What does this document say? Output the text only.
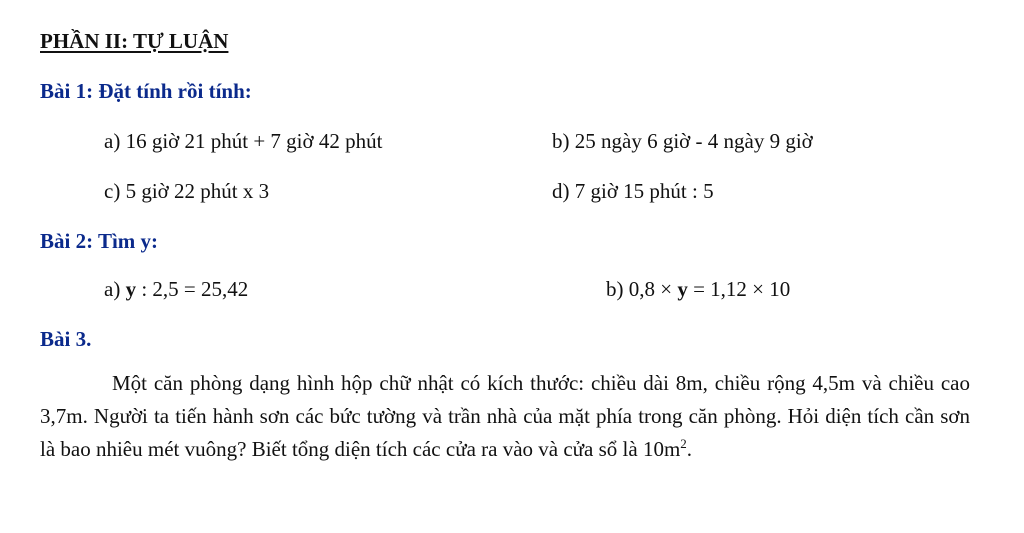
PHẦN II: TỰ LUẬN
Bài 1: Đặt tính rồi tính:
a) 16 giờ 21 phút + 7 giờ 42 phút	b) 25 ngày 6 giờ - 4 ngày 9 giờ
c) 5 giờ 22 phút x 3	d) 7 giờ 15 phút : 5
Bài 2: Tìm y:
a) y : 2,5 = 25,42	b) 0,8 × y = 1,12 × 10
Bài 3.
Một căn phòng dạng hình hộp chữ nhật có kích thước: chiều dài 8m, chiều rộng 4,5m và chiều cao 3,7m. Người ta tiến hành sơn các bức tường và trần nhà của mặt phía trong căn phòng. Hỏi diện tích cần sơn là bao nhiêu mét vuông? Biết tổng diện tích các cửa ra vào và cửa sổ là $10m^2$.
